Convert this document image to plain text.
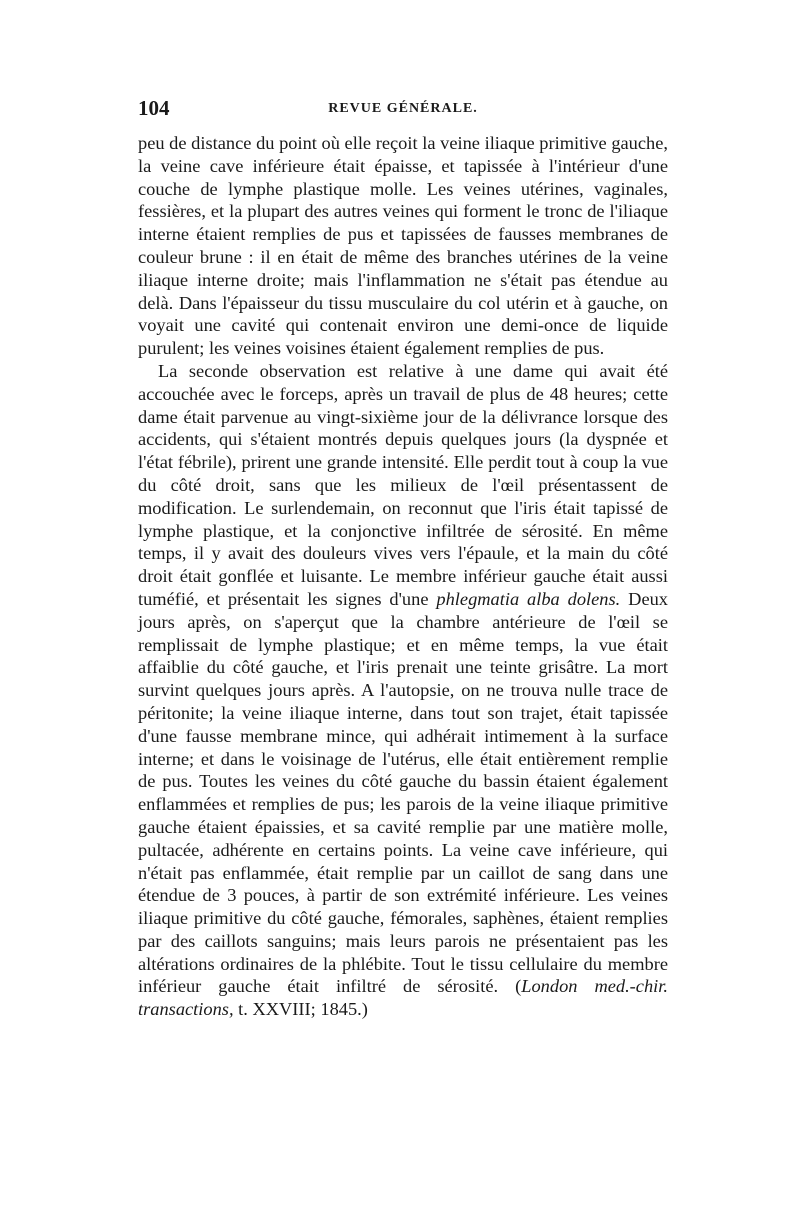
104	REVUE GÉNÉRALE.

peu de distance du point où elle reçoit la veine iliaque primitive gauche, la veine cave inférieure était épaisse, et tapissée à l'intérieur d'une couche de lymphe plastique molle. Les veines utérines, vaginales, fessières, et la plupart des autres veines qui forment le tronc de l'iliaque interne étaient remplies de pus et tapissées de fausses membranes de couleur brune : il en était de même des branches utérines de la veine iliaque interne droite; mais l'inflammation ne s'était pas étendue au delà. Dans l'épaisseur du tissu musculaire du col utérin et à gauche, on voyait une cavité qui contenait environ une demi-once de liquide purulent; les veines voisines étaient également remplies de pus.

La seconde observation est relative à une dame qui avait été accouchée avec le forceps, après un travail de plus de 48 heures; cette dame était parvenue au vingt-sixième jour de la délivrance lorsque des accidents, qui s'étaient montrés depuis quelques jours (la dyspnée et l'état fébrile), prirent une grande intensité. Elle perdit tout à coup la vue du côté droit, sans que les milieux de l'œil présentassent de modification. Le surlendemain, on reconnut que l'iris était tapissé de lymphe plastique, et la conjonctive infiltrée de sérosité. En même temps, il y avait des douleurs vives vers l'épaule, et la main du côté droit était gonflée et luisante. Le membre inférieur gauche était aussi tuméfié, et présentait les signes d'une phlegmatia alba dolens. Deux jours après, on s'aperçut que la chambre antérieure de l'œil se remplissait de lymphe plastique; et en même temps, la vue était affaiblie du côté gauche, et l'iris prenait une teinte grisâtre. La mort survint quelques jours après. A l'autopsie, on ne trouva nulle trace de péritonite; la veine iliaque interne, dans tout son trajet, était tapissée d'une fausse membrane mince, qui adhérait intimement à la surface interne; et dans le voisinage de l'utérus, elle était entièrement remplie de pus. Toutes les veines du côté gauche du bassin étaient également enflammées et remplies de pus; les parois de la veine iliaque primitive gauche étaient épaissies, et sa cavité remplie par une matière molle, pultacée, adhérente en certains points. La veine cave inférieure, qui n'était pas enflammée, était remplie par un caillot de sang dans une étendue de 3 pouces, à partir de son extrémité inférieure. Les veines iliaque primitive du côté gauche, fémorales, saphènes, étaient remplies par des caillots sanguins; mais leurs parois ne présentaient pas les altérations ordinaires de la phlébite. Tout le tissu cellulaire du membre inférieur gauche était infiltré de sérosité. (London med.-chir. transactions, t. XXVIII; 1845.)
